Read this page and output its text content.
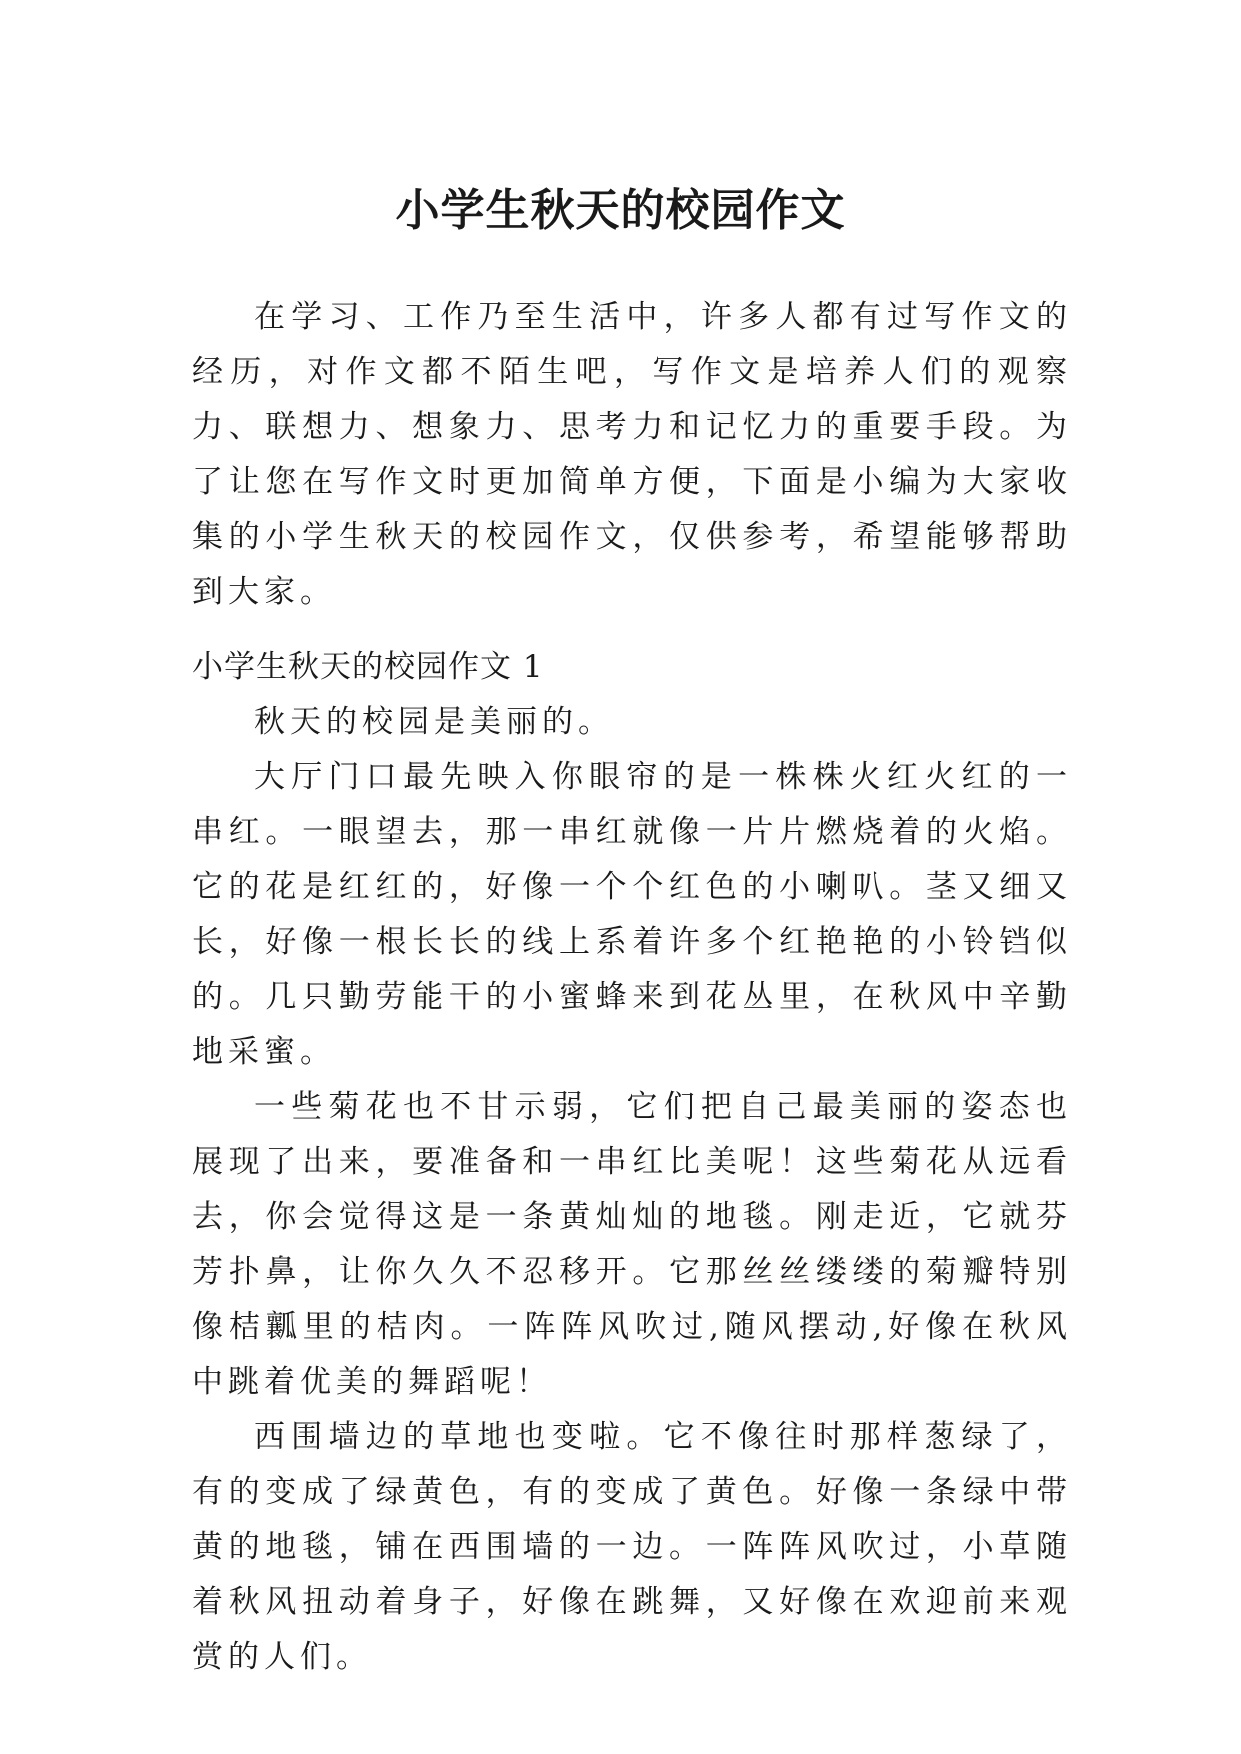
小学生秋天的校园作文

在学习、工作乃至生活中，许多人都有过写作文的经历，对作文都不陌生吧，写作文是培养人们的观察力、联想力、想象力、思考力和记忆力的重要手段。为了让您在写作文时更加简单方便，下面是小编为大家收集的小学生秋天的校园作文，仅供参考，希望能够帮助到大家。

小学生秋天的校园作文 1

秋天的校园是美丽的。

大厅门口最先映入你眼帘的是一株株火红火红的一串红。一眼望去，那一串红就像一片片燃烧着的火焰。它的花是红红的，好像一个个红色的小喇叭。茎又细又长，好像一根长长的线上系着许多个红艳艳的小铃铛似的。几只勤劳能干的小蜜蜂来到花丛里，在秋风中辛勤地采蜜。

一些菊花也不甘示弱，它们把自己最美丽的姿态也展现了出来，要准备和一串红比美呢！这些菊花从远看去，你会觉得这是一条黄灿灿的地毯。刚走近，它就芬芳扑鼻，让你久久不忍移开。它那丝丝缕缕的菊瓣特别像桔瓤里的桔肉。一阵阵风吹过,随风摆动,好像在秋风中跳着优美的舞蹈呢！

西围墙边的草地也变啦。它不像往时那样葱绿了，有的变成了绿黄色，有的变成了黄色。好像一条绿中带黄的地毯，铺在西围墙的一边。一阵阵风吹过，小草随着秋风扭动着身子，好像在跳舞，又好像在欢迎前来观赏的人们。
